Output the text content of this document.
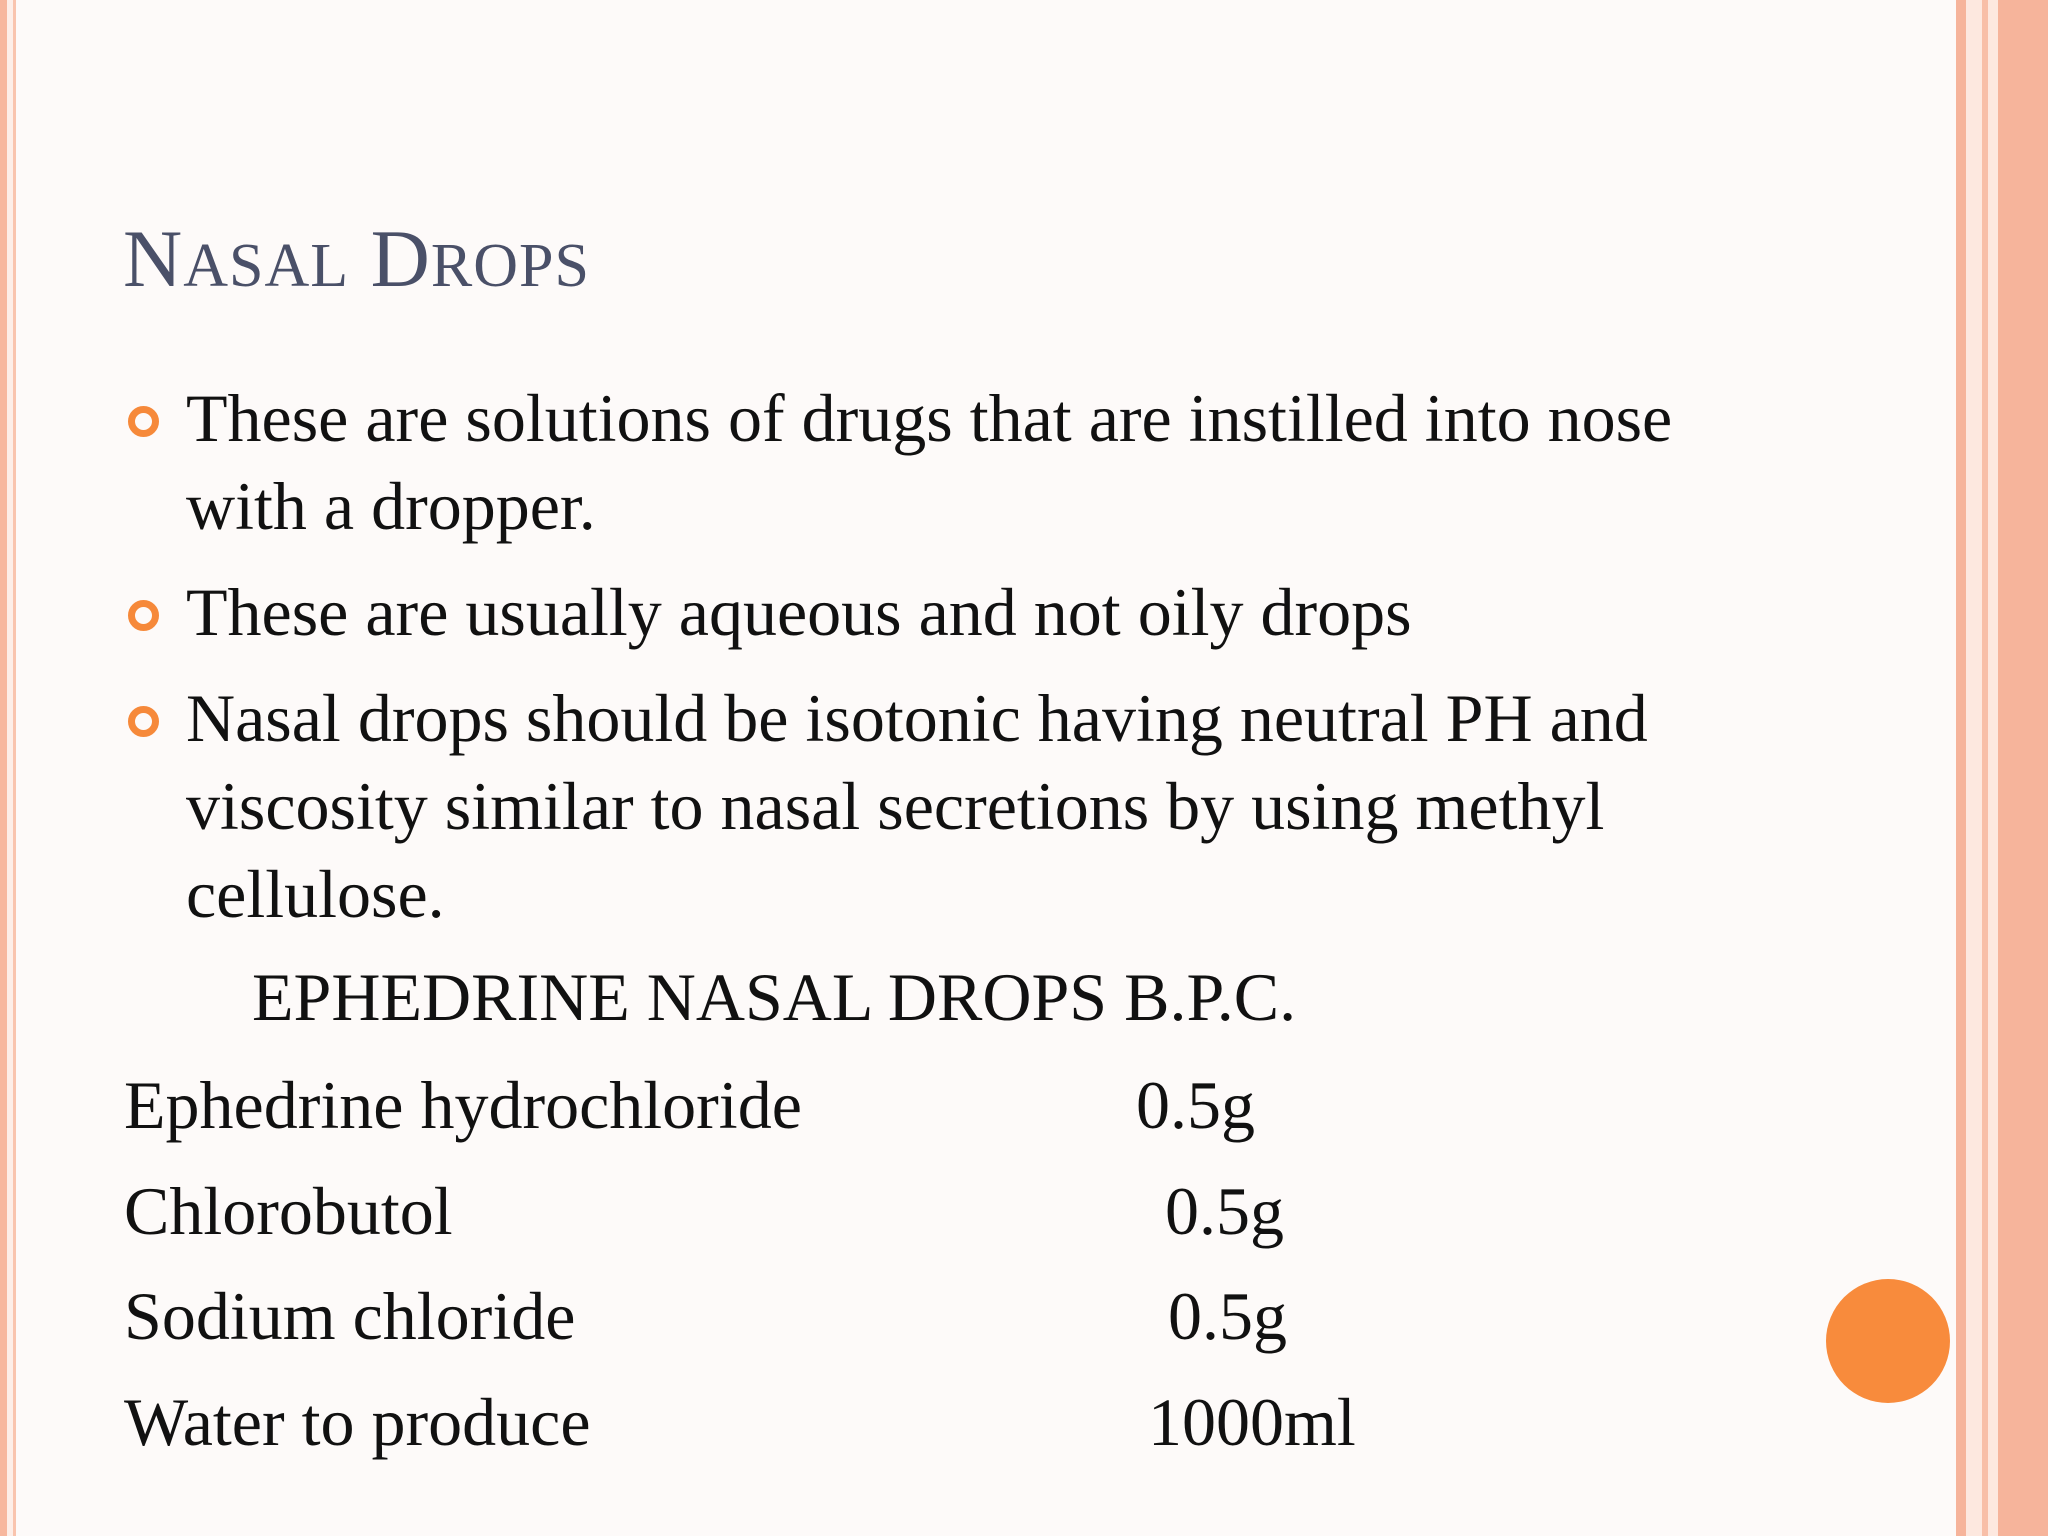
NASAL DROPS
These are solutions of drugs that are instilled into nose with a dropper.
These are usually aqueous and not oily drops
Nasal drops should be isotonic having neutral PH and viscosity similar to nasal secretions by using methyl cellulose.
EPHEDRINE NASAL DROPS B.P.C.
Ephedrine hydrochloride	0.5g
Chlorobutol	0.5g
Sodium chloride	0.5g
Water to produce	1000ml
